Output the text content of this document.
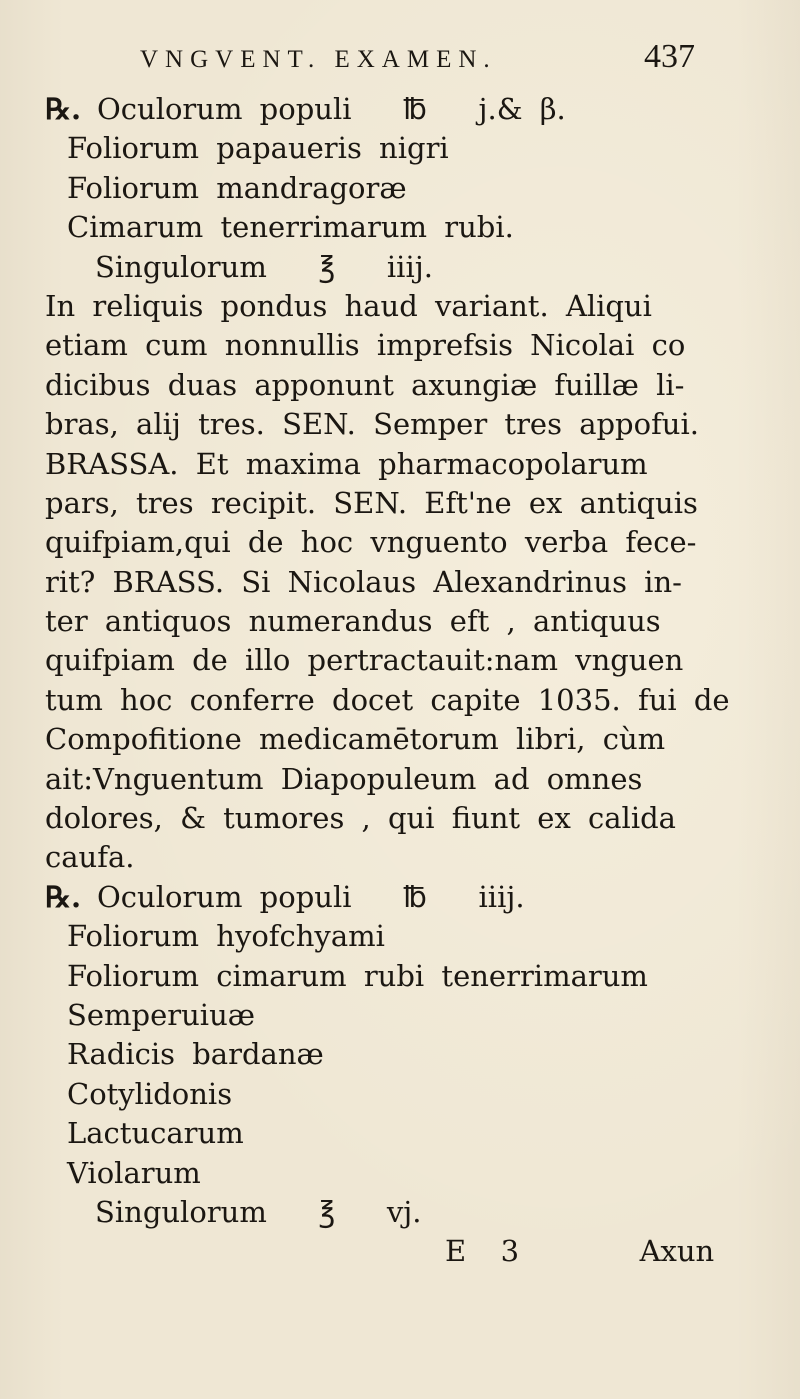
VNGVENT. EXAMEN.	437
℞. Oculorum populi   ℔   j.& β.
Foliorum papaueris nigri
Foliorum mandragoræ
Cimarum tenerrimarum rubi.
Singulorum   ℥   iiij.
In reliquis pondus haud variant. Aliqui
etiam cum nonnullis imprefsis Nicolai co
dicibus duas apponunt axungiæ fuillæ li-
bras, alij tres. SEN. Semper tres appofui.
BRASSA. Et maxima pharmacopolarum
pars, tres recipit. SEN. Eft'ne ex antiquis
quifpiam,qui de hoc vnguento verba fece-
rit? BRASS. Si Nicolaus Alexandrinus in-
ter antiquos numerandus eft , antiquus
quifpiam de illo pertractauit:nam vnguen
tum hoc conferre docet capite 1035. fui de
Compofitione medicamētorum libri, cùm
ait:Vnguentum Diapopuleum ad omnes
dolores, & tumores , qui fiunt ex calida
caufa.
℞. Oculorum populi   ℔   iiij.
Foliorum hyofchyami
Foliorum cimarum rubi tenerrimarum
Semperuiuæ
Radicis bardanæ
Cotylidonis
Lactucarum
Violarum
Singulorum   ℥   vj.
E  3       Axun
